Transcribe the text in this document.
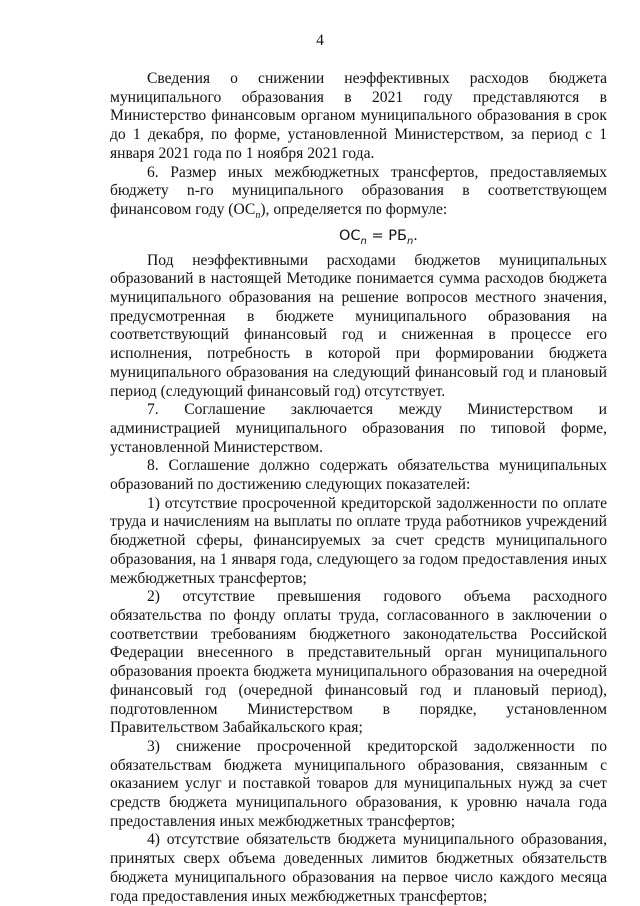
4

Сведения о снижении неэффективных расходов бюджета муниципального образования в 2021 году представляются в Министерство финансовым органом муниципального образования в срок до 1 декабря, по форме, установленной Министерством, за период с 1 января 2021 года по 1 ноября 2021 года.

6. Размер иных межбюджетных трансфертов, предоставляемых бюджету n-го муниципального образования в соответствующем финансовом году $(ОС_n)$, определяется по формуле:

$ОС_n = РБ_n$.

Под неэффективными расходами бюджетов муниципальных образований в настоящей Методике понимается сумма расходов бюджета муниципального образования на решение вопросов местного значения, предусмотренная в бюджете муниципального образования на соответствующий финансовый год и сниженная в процессе его исполнения, потребность в которой при формировании бюджета муниципального образования на следующий финансовый год и плановый период (следующий финансовый год) отсутствует.

7. Соглашение заключается между Министерством и администрацией муниципального образования по типовой форме, установленной Министерством.

8. Соглашение должно содержать обязательства муниципальных образований по достижению следующих показателей:

1) отсутствие просроченной кредиторской задолженности по оплате труда и начислениям на выплаты по оплате труда работников учреждений бюджетной сферы, финансируемых за счет средств муниципального образования, на 1 января года, следующего за годом предоставления иных межбюджетных трансфертов;

2) отсутствие превышения годового объема расходного обязательства по фонду оплаты труда, согласованного в заключении о соответствии требованиям бюджетного законодательства Российской Федерации внесенного в представительный орган муниципального образования проекта бюджета муниципального образования на очередной финансовый год (очередной финансовый год и плановый период), подготовленном Министерством в порядке, установленном Правительством Забайкальского края;

3) снижение просроченной кредиторской задолженности по обязательствам бюджета муниципального образования, связанным с оказанием услуг и поставкой товаров для муниципальных нужд за счет средств бюджета муниципального образования, к уровню начала года предоставления иных межбюджетных трансфертов;

4) отсутствие обязательств бюджета муниципального образования, принятых сверх объема доведенных лимитов бюджетных обязательств бюджета муниципального образования на первое число каждого месяца года предоставления иных межбюджетных трансфертов;
